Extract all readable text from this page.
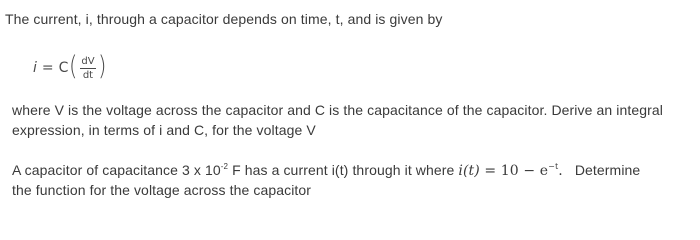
The current, i, through a capacitor depends on time, t, and is given by
i = C ( $\frac{dV}{dt}$ )
where V is the voltage across the capacitor and C is the capacitance of the capacitor. Derive an integral
expression, in terms of i and C, for the voltage V
A capacitor of capacitance 3 x $10^{-2}$ F has a current i(t) through it where $i(t) = 10 - e^{-t}$. Determine
the function for the voltage across the capacitor
